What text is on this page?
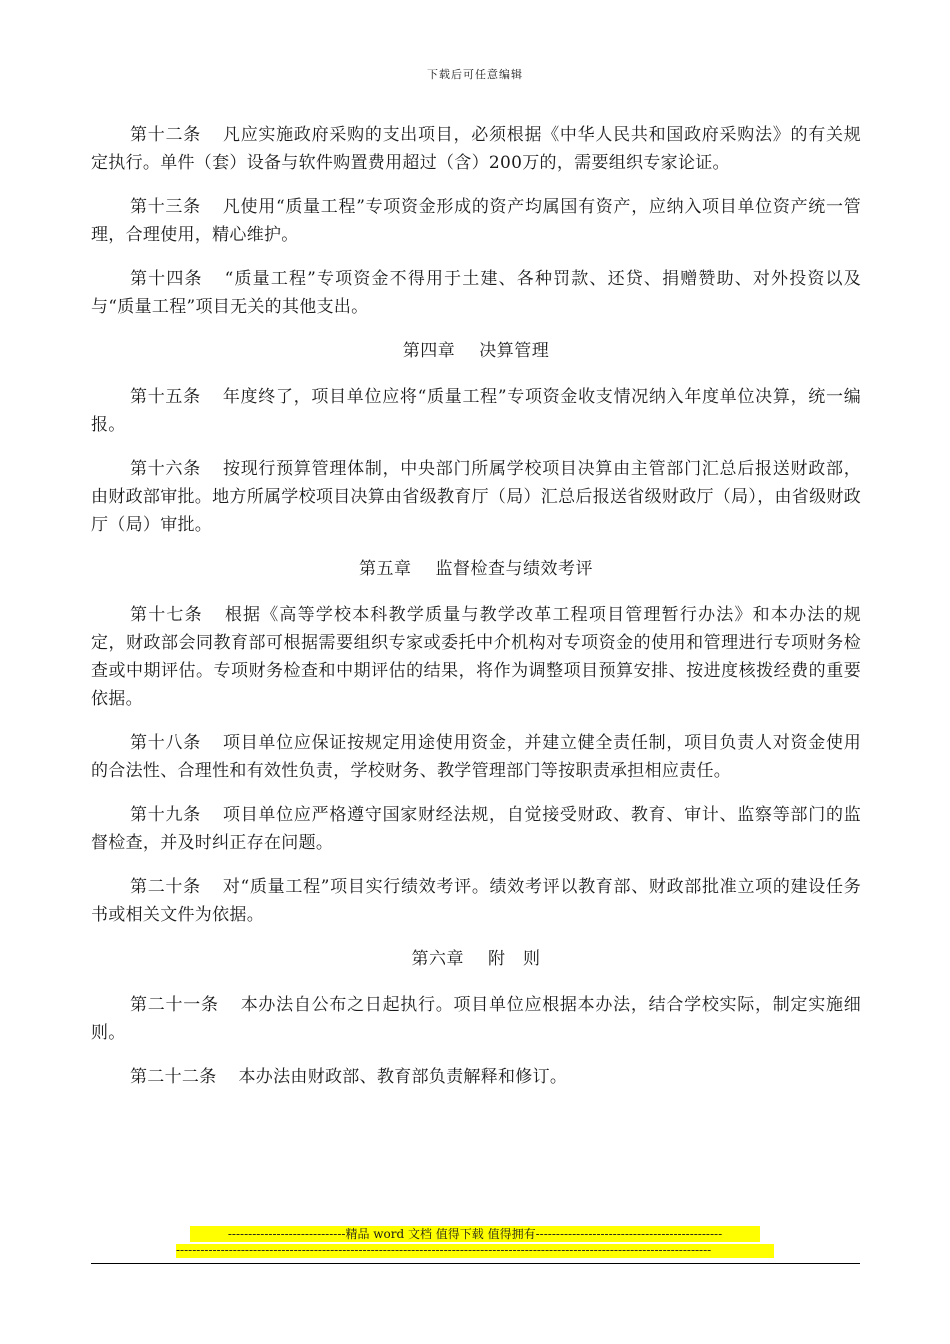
下载后可任意编辑

第十二条 凡应实施政府采购的支出项目，必须根据《中华人民共和国政府采购法》的有关规定执行。单件（套）设备与软件购置费用超过（含）200万的，需要组织专家论证。

第十三条 凡使用“质量工程”专项资金形成的资产均属国有资产，应纳入项目单位资产统一管理，合理使用，精心维护。

第十四条 “质量工程”专项资金不得用于土建、各种罚款、还贷、捐赠赞助、对外投资以及与“质量工程”项目无关的其他支出。

第四章 决算管理

第十五条 年度终了，项目单位应将“质量工程”专项资金收支情况纳入年度单位决算，统一编报。

第十六条 按现行预算管理体制，中央部门所属学校项目决算由主管部门汇总后报送财政部，由财政部审批。地方所属学校项目决算由省级教育厅（局）汇总后报送省级财政厅（局），由省级财政厅（局）审批。

第五章 监督检查与绩效考评

第十七条 根据《高等学校本科教学质量与教学改革工程项目管理暂行办法》和本办法的规定，财政部会同教育部可根据需要组织专家或委托中介机构对专项资金的使用和管理进行专项财务检查或中期评估。专项财务检查和中期评估的结果，将作为调整项目预算安排、按进度核拨经费的重要依据。

第十八条 项目单位应保证按规定用途使用资金，并建立健全责任制，项目负责人对资金使用的合法性、合理性和有效性负责，学校财务、教学管理部门等按职责承担相应责任。

第十九条 项目单位应严格遵守国家财经法规，自觉接受财政、教育、审计、监察等部门的监督检查，并及时纠正存在问题。

第二十条 对“质量工程”项目实行绩效考评。绩效考评以教育部、财政部批准立项的建设任务书或相关文件为依据。

第六章 附　则

第二十一条 本办法自公布之日起执行。项目单位应根据本办法，结合学校实际，制定实施细则。

第二十二条 本办法由财政部、教育部负责解释和修订。

-----------------------------精品 word 文档 值得下载 值得拥有----------------------------------------------
------------------------------------------------------------------------------------------------------------------------------------
